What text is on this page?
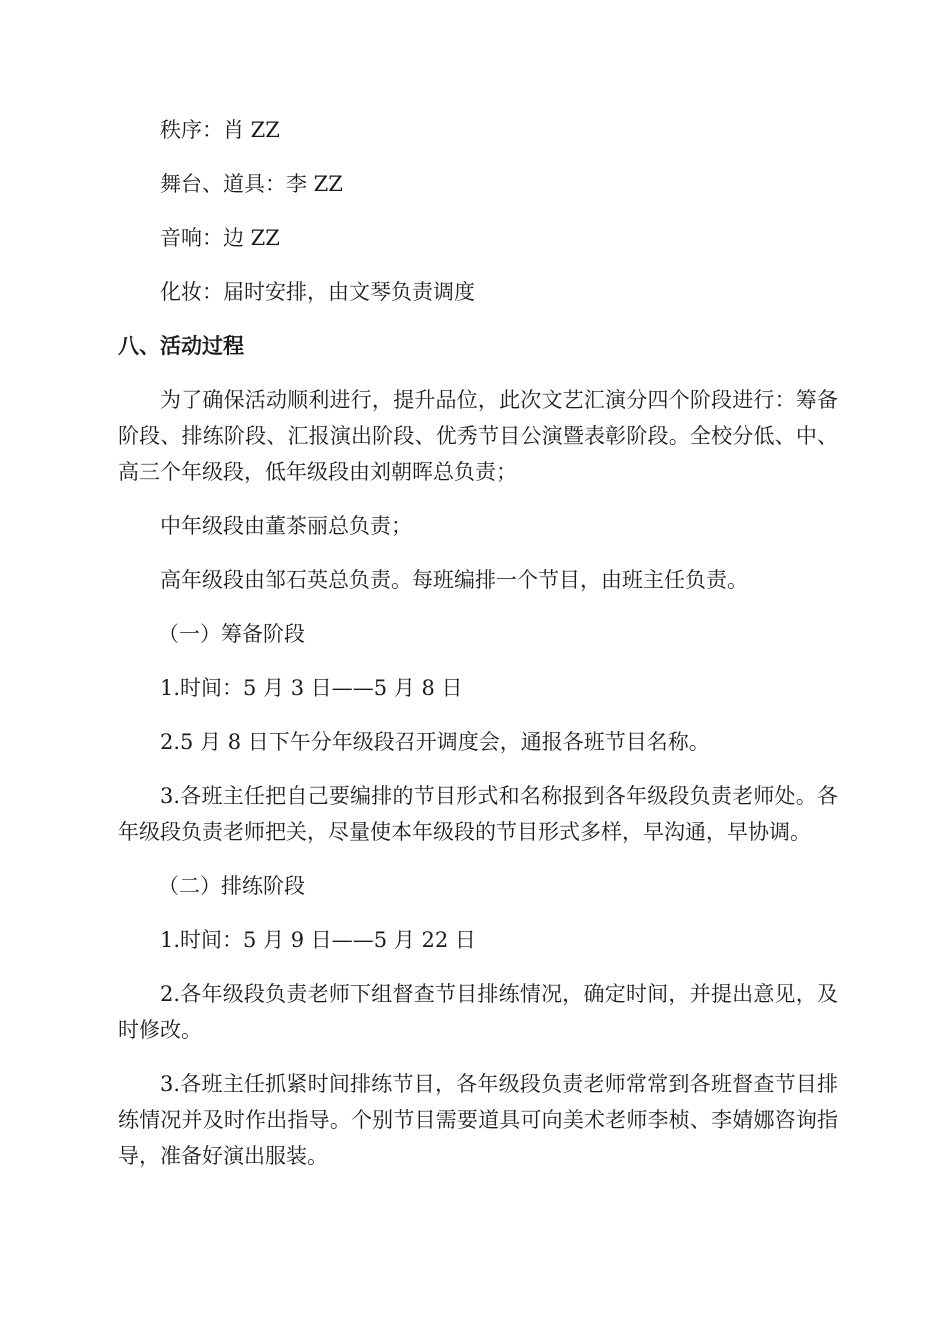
秩序：肖 ZZ

舞台、道具：李 ZZ

音响：边 ZZ

化妆：届时安排，由文琴负责调度

八、活动过程

为了确保活动顺利进行，提升品位，此次文艺汇演分四个阶段进行：筹备阶段、排练阶段、汇报演出阶段、优秀节目公演暨表彰阶段。全校分低、中、高三个年级段，低年级段由刘朝晖总负责；

中年级段由董茶丽总负责；

高年级段由邹石英总负责。每班编排一个节目，由班主任负责。

（一）筹备阶段

1.时间：5 月 3 日——5 月 8 日

2.5 月 8 日下午分年级段召开调度会，通报各班节目名称。

3.各班主任把自己要编排的节目形式和名称报到各年级段负责老师处。各年级段负责老师把关，尽量使本年级段的节目形式多样，早沟通，早协调。

（二）排练阶段

1.时间：5 月 9 日——5 月 22 日

2.各年级段负责老师下组督查节目排练情况，确定时间，并提出意见，及时修改。

3.各班主任抓紧时间排练节目，各年级段负责老师常常到各班督查节目排练情况并及时作出指导。个别节目需要道具可向美术老师李桢、李婧娜咨询指导，准备好演出服装。
